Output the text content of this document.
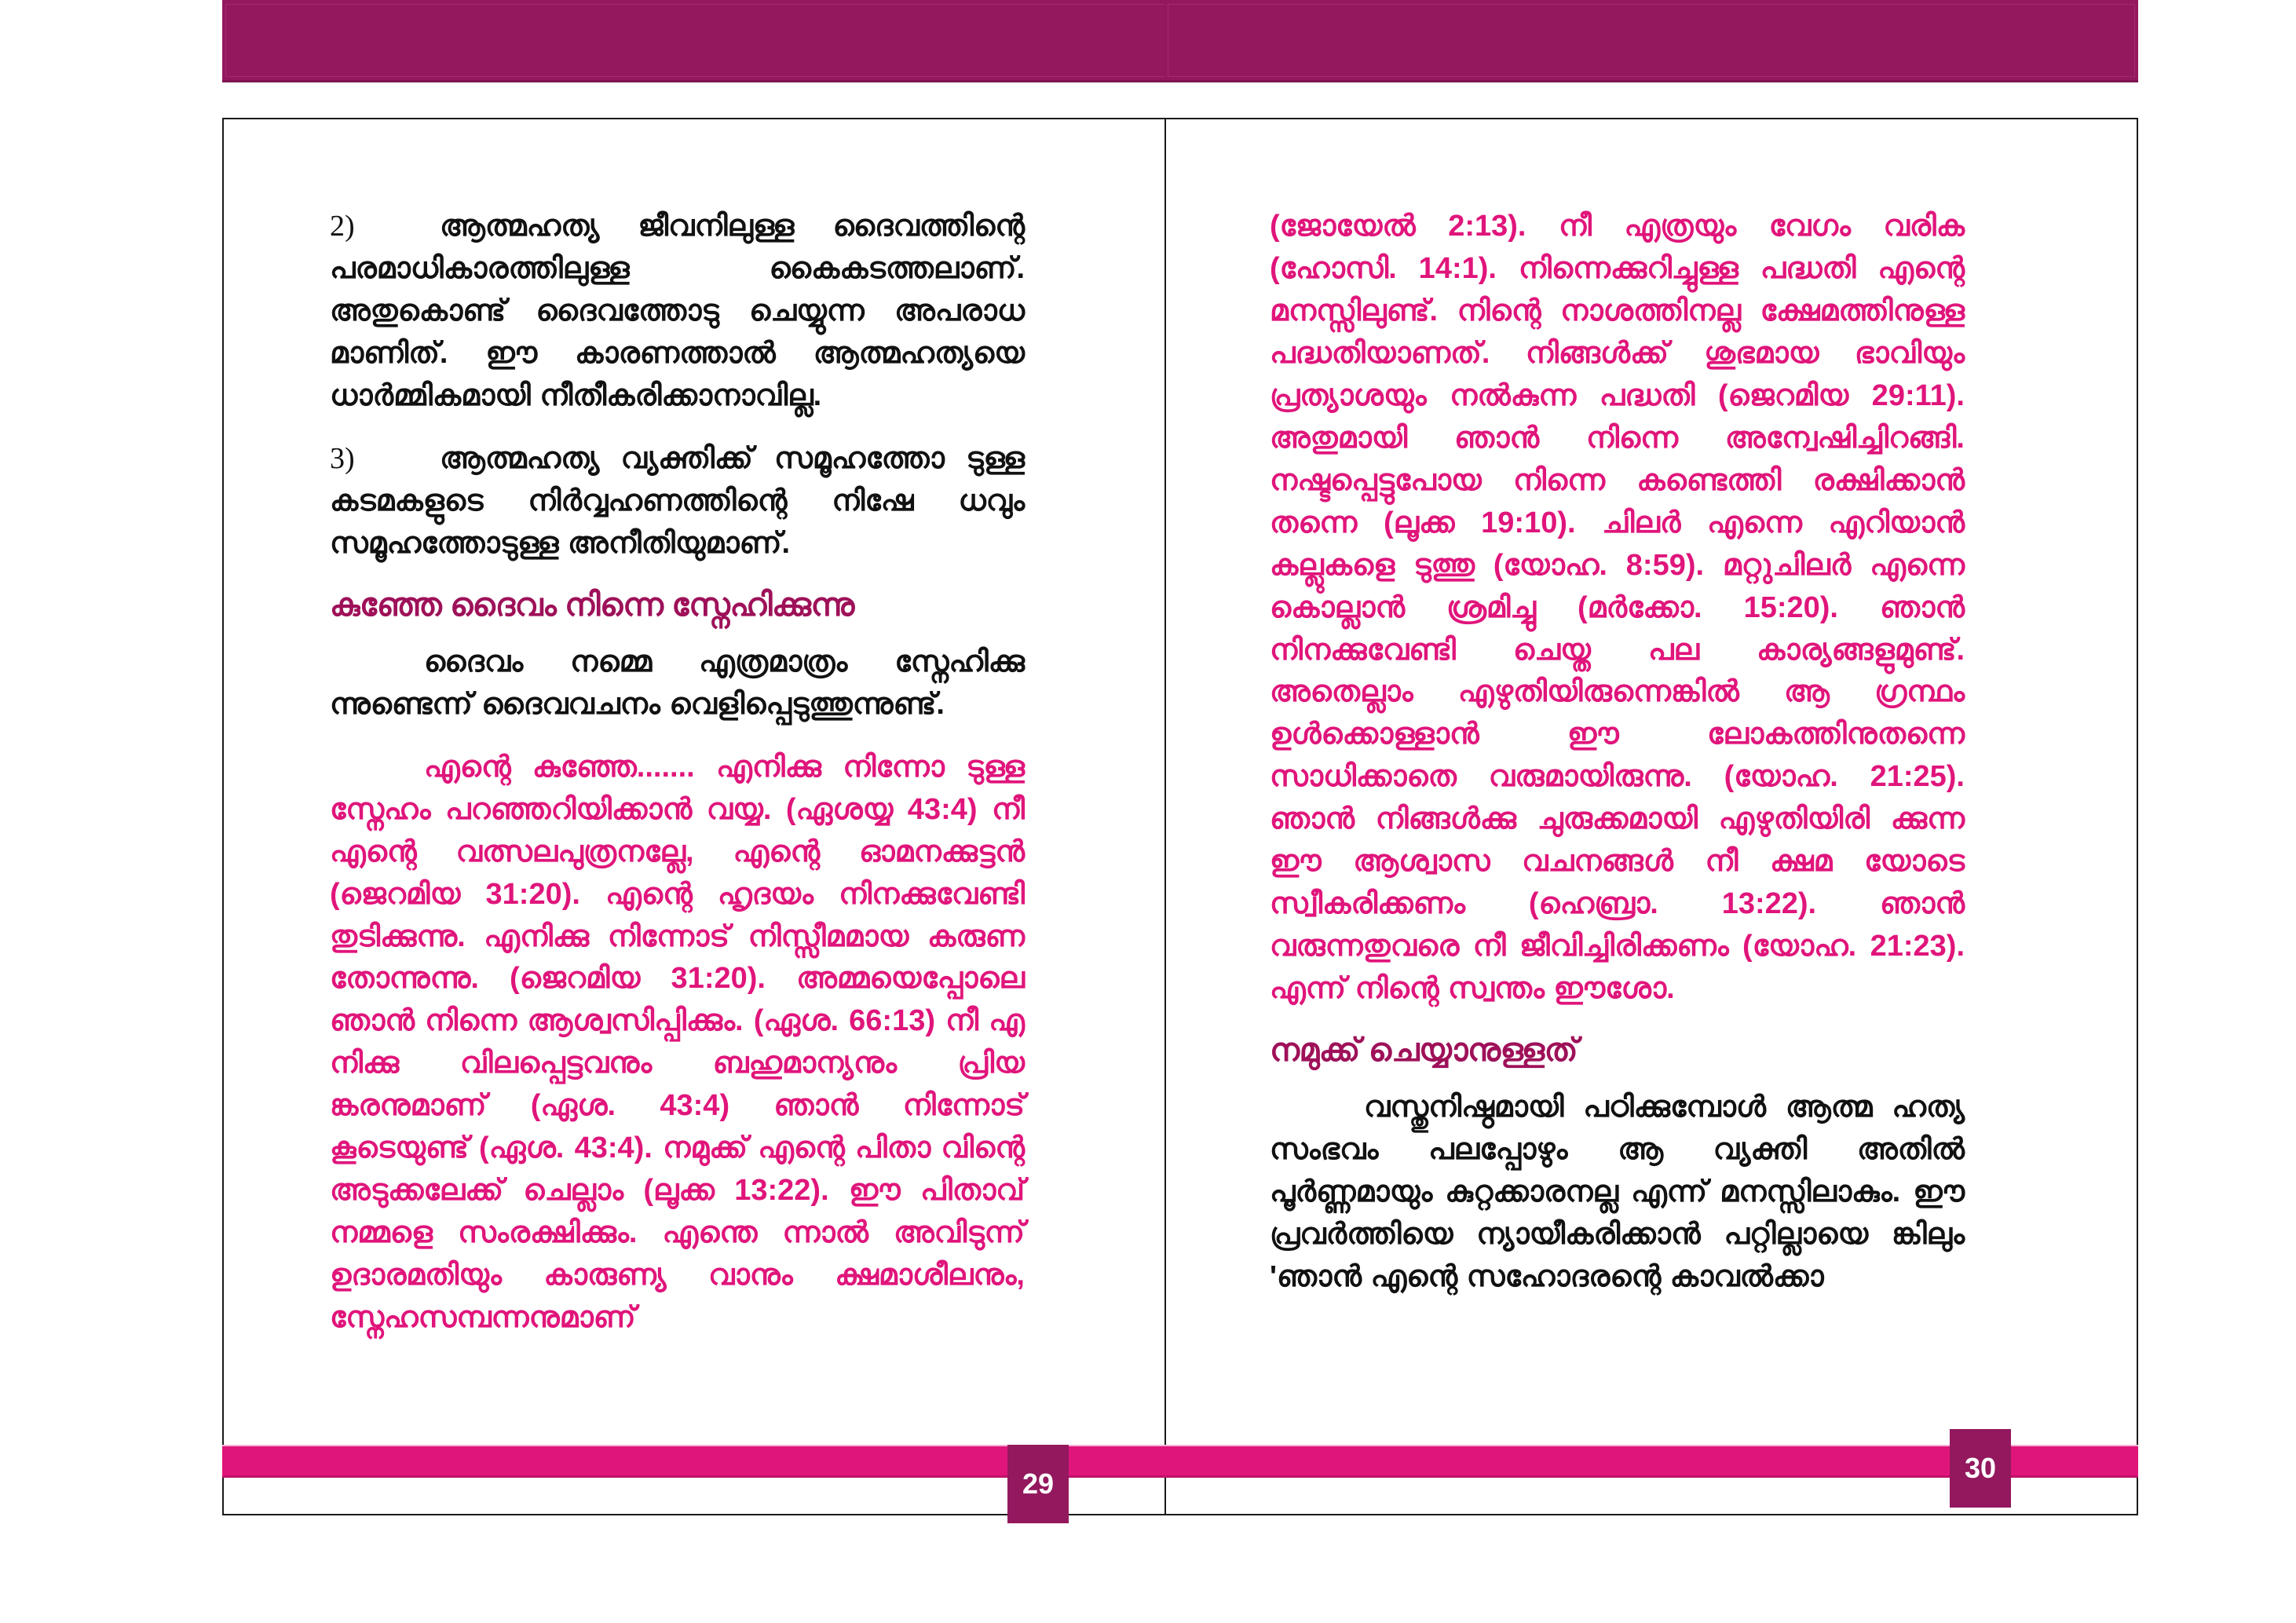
2)	ആത്മഹത്യ ജീവനിലുള്ള ദൈവത്തിന്റെ പരമാധികാരത്തിലുള്ള കൈകടത്തലാണ്. അതുകൊണ്ട് ദൈവത്തോടു ചെയ്യുന്ന അപരാധ മാണിത്. ഈ കാരണത്താൽ ആത്മഹത്യയെ ധാർമ്മികമായി നീതീകരിക്കാനാവില്ല.

3)	ആത്മഹത്യ വ്യക്തിക്ക് സമൂഹത്തോ ടുള്ള കടമകളുടെ നിർവ്വഹണത്തിന്റെ നിഷേ ധവും സമൂഹത്തോടുള്ള അനീതിയുമാണ്.

കുഞ്ഞേ ദൈവം നിന്നെ സ്നേഹിക്കുന്നു

ദൈവം നമ്മെ എത്രമാത്രം സ്നേഹിക്കു ന്നുണ്ടെന്ന് ദൈവവചനം വെളിപ്പെടുത്തുന്നുണ്ട്.

എന്റെ കുഞ്ഞേ....... എനിക്കു നിന്നോ ടുള്ള സ്നേഹം പറഞ്ഞറിയിക്കാൻ വയ്യ. (ഏശയ്യ 43:4) നീ എന്റെ വത്സലപുത്രനല്ലേ, എന്റെ ഓമനക്കുട്ടൻ (ജെറമിയ 31:20). എന്റെ ഹൃദയം നിനക്കുവേണ്ടി തുടിക്കുന്നു. എനിക്കു നിന്നോട് നിസ്സീമമായ കരുണ തോന്നുന്നു. (ജെറമിയ 31:20). അമ്മയെപ്പോലെ ഞാൻ നിന്നെ ആശ്വസിപ്പിക്കും. (ഏശ. 66:13) നീ എ നിക്കു വിലപ്പെട്ടവനും ബഹുമാന്യനും പ്രിയ ങ്കരനുമാണ് (ഏശ. 43:4) ഞാൻ നിന്നോട് കൂടെയുണ്ട് (ഏശ. 43:4). നമുക്ക് എന്റെ പിതാ വിന്റെ അടുക്കലേക്ക് ചെല്ലാം (ലൂക്ക 13:22). ഈ പിതാവ് നമ്മളെ സംരക്ഷിക്കും. എന്തെ ന്നാൽ അവിടുന്ന് ഉദാരമതിയും കാരുണ്യ വാനും ക്ഷമാശീലനും, സ്നേഹസമ്പന്നനുമാണ്

(ജോയേൽ 2:13). നീ എത്രയും വേഗം വരിക (ഹോസി. 14:1). നിന്നെക്കുറിച്ചുള്ള പദ്ധതി എന്റെ മനസ്സിലുണ്ട്. നിന്റെ നാശത്തിനല്ല ക്ഷേമത്തിനുള്ള പദ്ധതിയാണത്. നിങ്ങൾക്ക് ശുഭമായ ഭാവിയും പ്രത്യാശയും നൽകുന്ന പദ്ധതി (ജെറമിയ 29:11). അതുമായി ഞാൻ നിന്നെ അന്വേഷിച്ചിറങ്ങി. നഷ്ടപ്പെട്ടുപോയ നിന്നെ കണ്ടെത്തി രക്ഷിക്കാൻ തന്നെ (ലൂക്ക 19:10). ചിലർ എന്നെ എറിയാൻ കല്ലുകളെ ടുത്തു (യോഹ. 8:59). മറ്റുചിലർ എന്നെ കൊല്ലാൻ ശ്രമിച്ചു (മർക്കോ. 15:20). ഞാൻ നിനക്കുവേണ്ടി ചെയ്ത പല കാര്യങ്ങളുമുണ്ട്. അതെല്ലാം എഴുതിയിരുന്നെങ്കിൽ ആ ഗ്രന്ഥം ഉൾക്കൊള്ളാൻ ഈ ലോകത്തിനുതന്നെ സാധിക്കാതെ വരുമായിരുന്നു. (യോഹ. 21:25). ഞാൻ നിങ്ങൾക്കു ചുരുക്കമായി എഴുതിയിരി ക്കുന്ന ഈ ആശ്വാസ വചനങ്ങൾ നീ ക്ഷമ യോടെ സ്വീകരിക്കണം (ഹെബ്രാ. 13:22). ഞാൻ വരുന്നതുവരെ നീ ജീവിച്ചിരിക്കണം (യോഹ. 21:23). എന്ന് നിന്റെ സ്വന്തം ഈശോ.

നമുക്ക് ചെയ്യാനുള്ളത്

വസ്തുനിഷ്ഠമായി പഠിക്കുമ്പോൾ ആത്മ ഹത്യ സംഭവം പലപ്പോഴും ആ വ്യക്തി അതിൽ പൂർണ്ണമായും കുറ്റക്കാരനല്ല എന്ന് മനസ്സിലാകും. ഈ പ്രവർത്തിയെ ന്യായീകരിക്കാൻ പറ്റില്ലായെ ങ്കിലും 'ഞാൻ എന്റെ സഹോദരന്റെ കാവൽക്കാ

29	30
